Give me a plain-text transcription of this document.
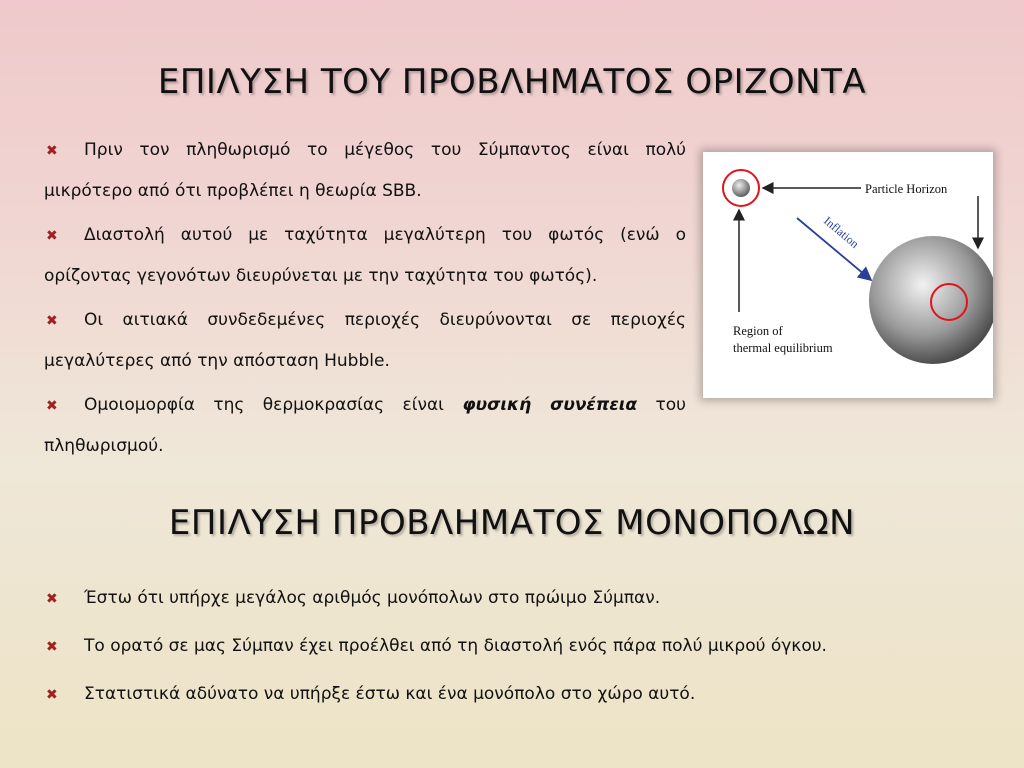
ΕΠΙΛΥΣΗ ΤΟΥ ΠΡΟΒΛΗΜΑΤΟΣ ΟΡΙΖΟΝΤΑ

✖ Πριν τον πληθωρισμό το μέγεθος του Σύμπαντος είναι πολύ μικρότερο από ότι προβλέπει η θεωρία SBB.

✖ Διαστολή αυτού με ταχύτητα μεγαλύτερη του φωτός (ενώ ο ορίζοντας γεγονότων διευρύνεται με την ταχύτητα του φωτός).

✖ Οι αιτιακά συνδεδεμένες περιοχές διευρύνονται σε περιοχές μεγαλύτερες από την απόσταση Hubble.

✖ Ομοιομορφία της θερμοκρασίας είναι φυσική συνέπεια του πληθωρισμού.

Particle Horizon
Inflation
Region of
thermal equilibrium
ΕΠΙΛΥΣΗ ΠΡΟΒΛΗΜΑΤΟΣ ΜΟΝΟΠΟΛΩΝ
✖ Έστω ότι υπήρχε μεγάλος αριθμός μονόπολων στο πρώιμο Σύμπαν.
✖ Το ορατό σε μας Σύμπαν έχει προέλθει από τη διαστολή ενός πάρα πολύ μικρού όγκου.
✖ Στατιστικά αδύνατο να υπήρξε έστω και ένα μονόπολο στο χώρο αυτό.
